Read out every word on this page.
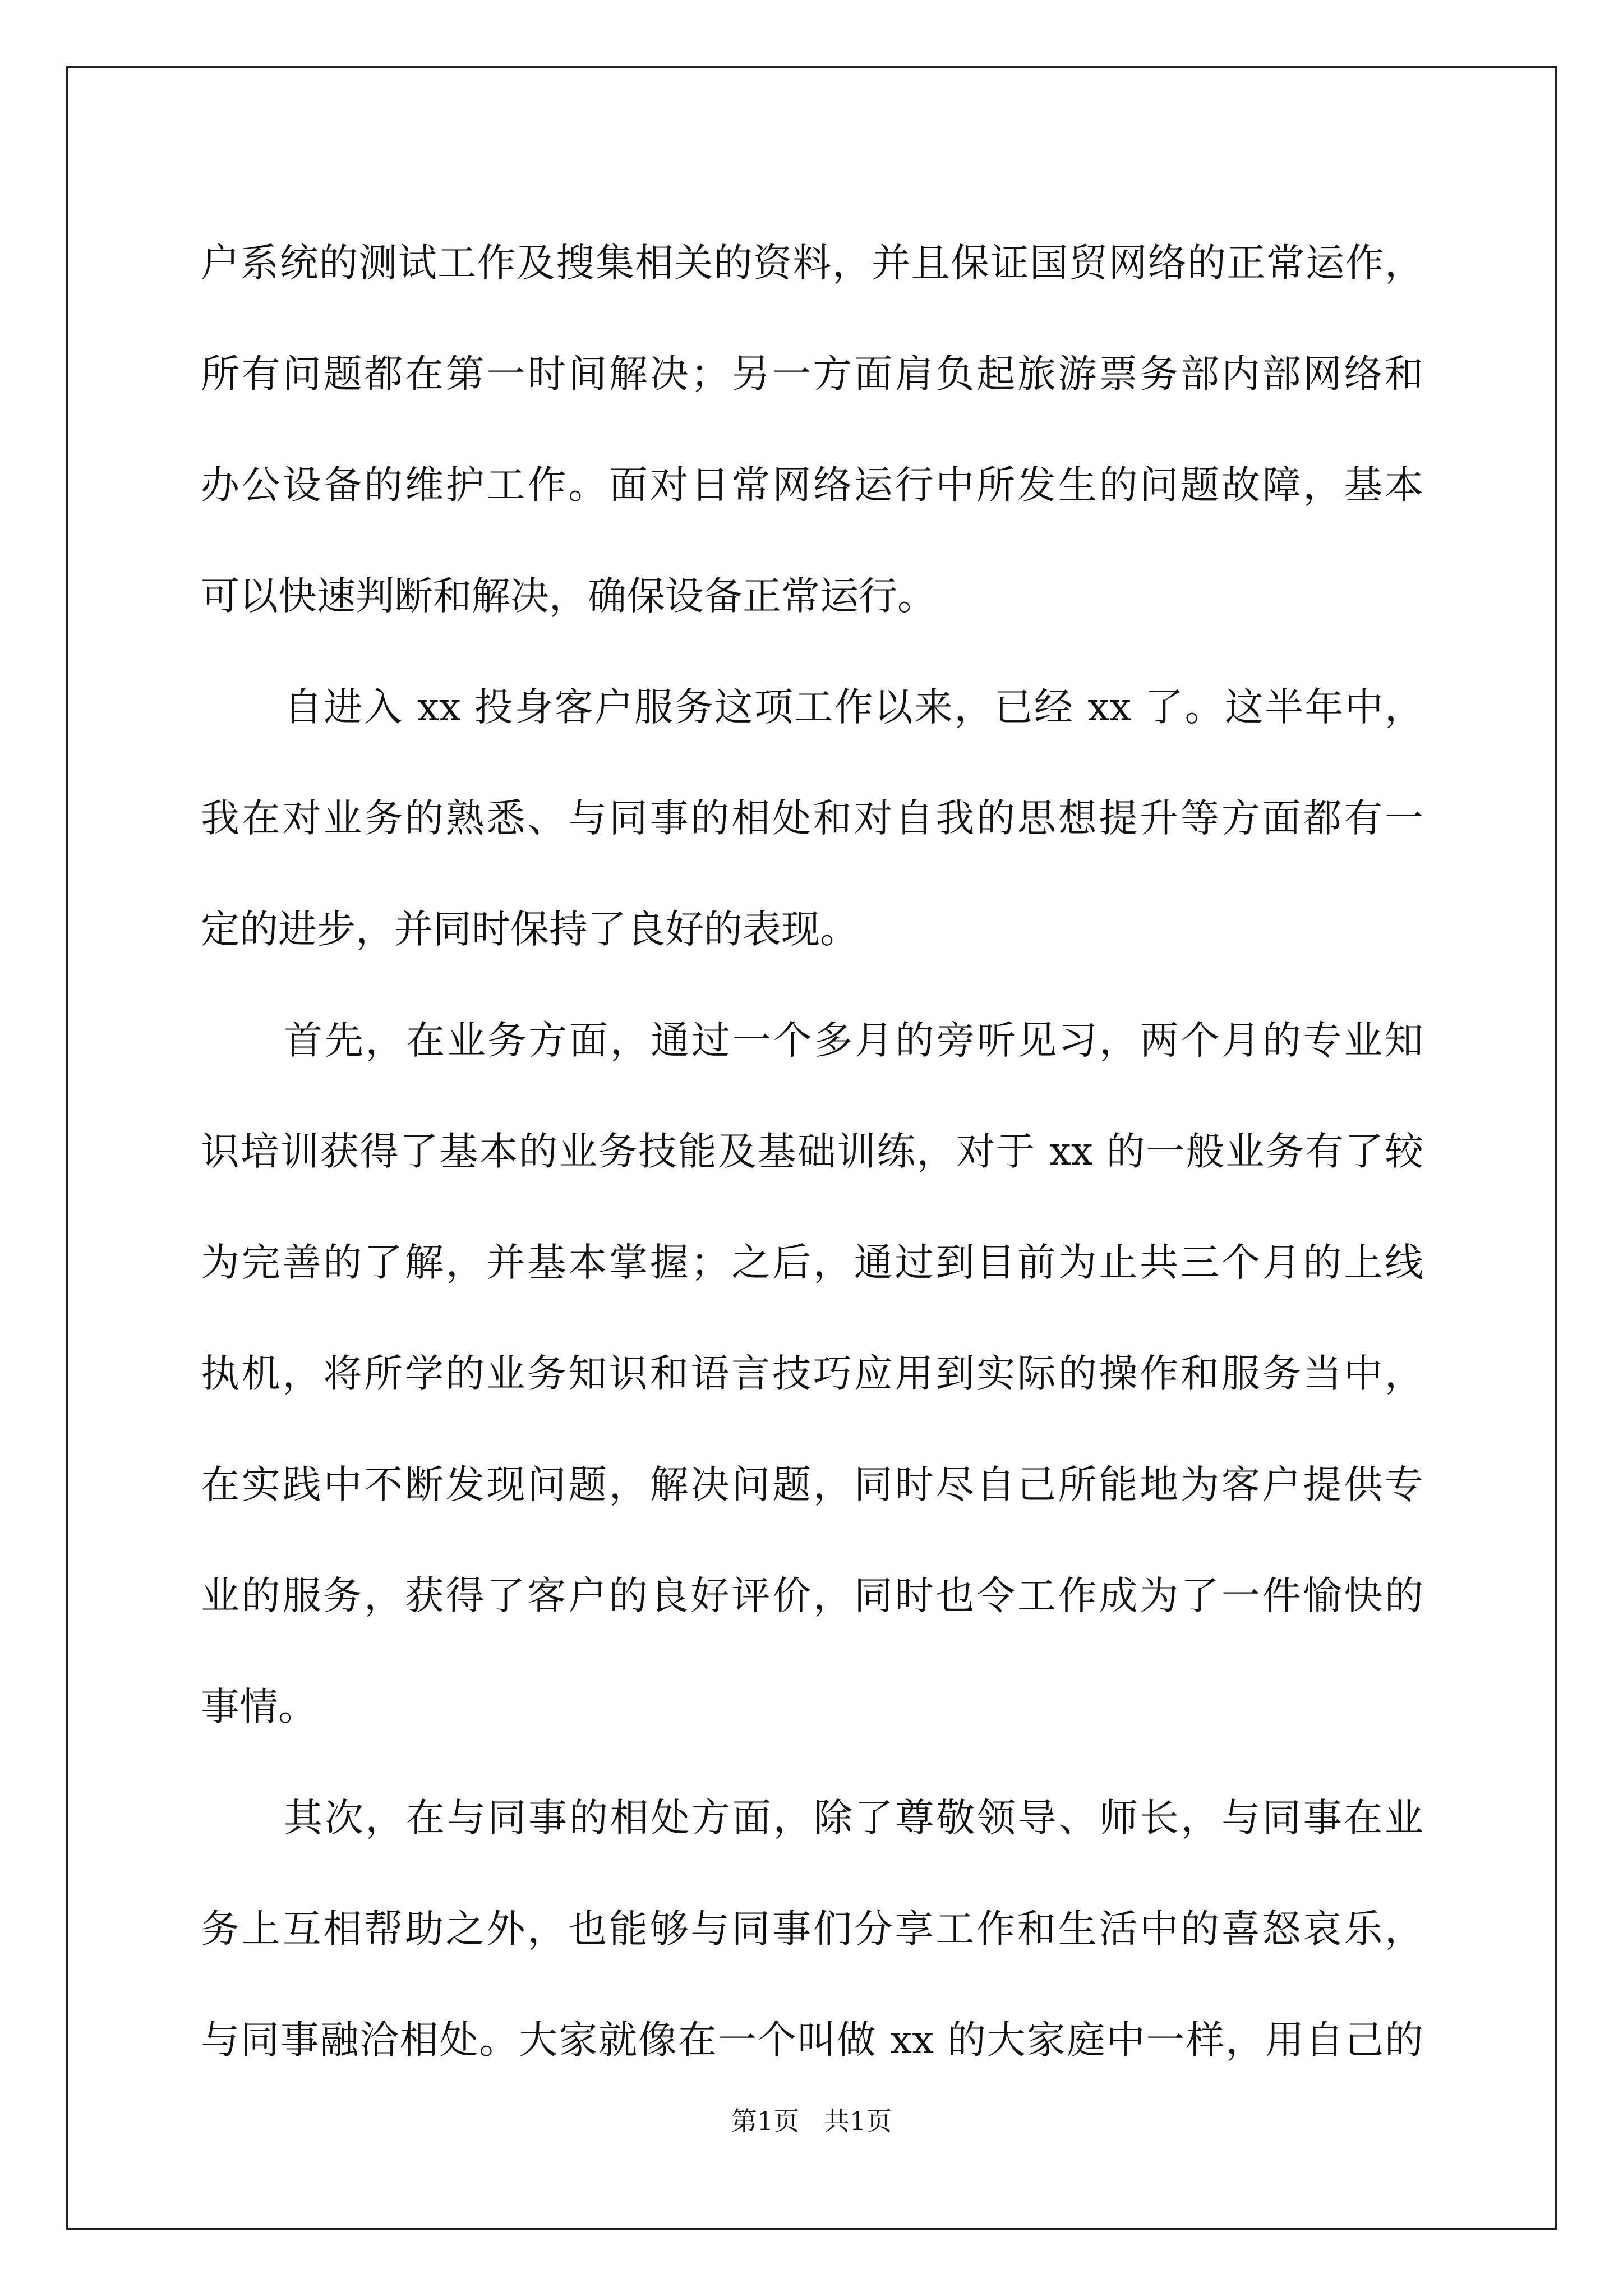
户系统的测试工作及搜集相关的资料，并且保证国贸网络的正常运作，
所有问题都在第一时间解决；另一方面肩负起旅游票务部内部网络和
办公设备的维护工作。面对日常网络运行中所发生的问题故障，基本
可以快速判断和解决，确保设备正常运行。
自进入 xx 投身客户服务这项工作以来，已经 xx 了。这半年中，
我在对业务的熟悉、与同事的相处和对自我的思想提升等方面都有一
定的进步，并同时保持了良好的表现。
首先，在业务方面，通过一个多月的旁听见习，两个月的专业知
识培训获得了基本的业务技能及基础训练，对于 xx 的一般业务有了较
为完善的了解，并基本掌握；之后，通过到目前为止共三个月的上线
执机，将所学的业务知识和语言技巧应用到实际的操作和服务当中，
在实践中不断发现问题，解决问题，同时尽自己所能地为客户提供专
业的服务，获得了客户的良好评价，同时也令工作成为了一件愉快的
事情。
其次，在与同事的相处方面，除了尊敬领导、师长，与同事在业
务上互相帮助之外，也能够与同事们分享工作和生活中的喜怒哀乐，
与同事融洽相处。大家就像在一个叫做 xx 的大家庭中一样，用自己的
第1页   共1页
